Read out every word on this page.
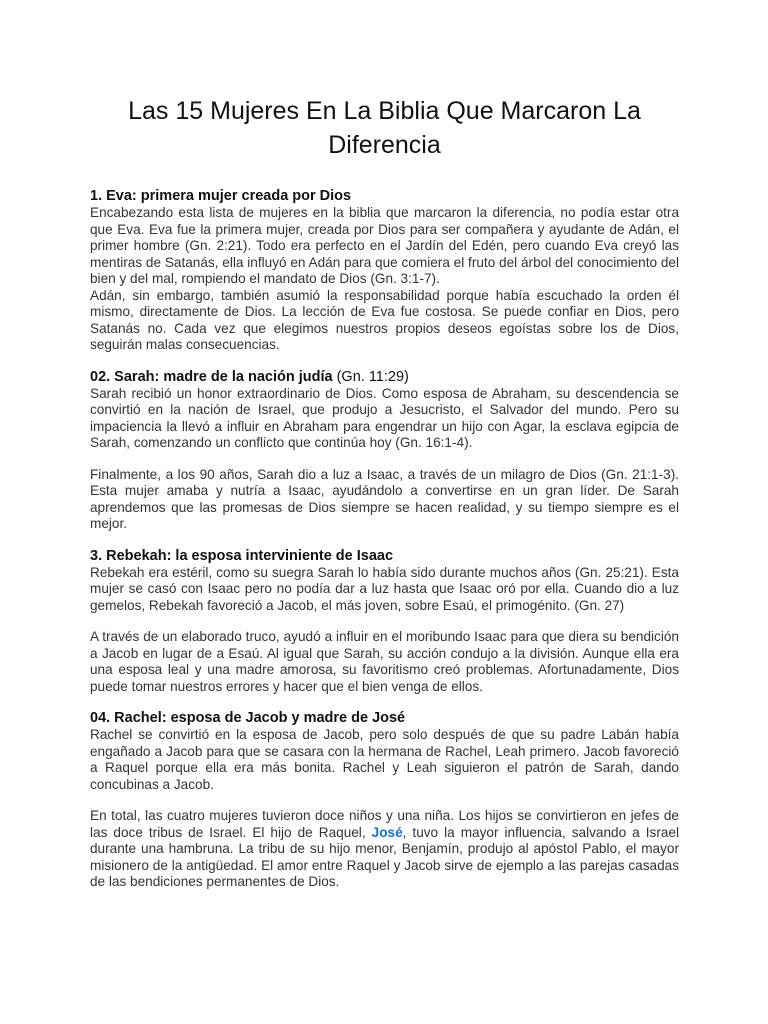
Las 15 Mujeres En La Biblia Que Marcaron La Diferencia
1. Eva: primera mujer creada por Dios

Encabezando esta lista de mujeres en la biblia que marcaron la diferencia, no podía estar otra que Eva. Eva fue la primera mujer, creada por Dios para ser compañera y ayudante de Adán, el primer hombre (Gn. 2:21). Todo era perfecto en el Jardín del Edén, pero cuando Eva creyó las mentiras de Satanás, ella influyó en Adán para que comiera el fruto del árbol del conocimiento del bien y del mal, rompiendo el mandato de Dios (Gn. 3:1-7).

Adán, sin embargo, también asumió la responsabilidad porque había escuchado la orden él mismo, directamente de Dios. La lección de Eva fue costosa. Se puede confiar en Dios, pero Satanás no. Cada vez que elegimos nuestros propios deseos egoístas sobre los de Dios, seguirán malas consecuencias.

02. Sarah: madre de la nación judía (Gn. 11:29)

Sarah recibió un honor extraordinario de Dios. Como esposa de Abraham, su descendencia se convirtió en la nación de Israel, que produjo a Jesucristo, el Salvador del mundo. Pero su impaciencia la llevó a influir en Abraham para engendrar un hijo con Agar, la esclava egipcia de Sarah, comenzando un conflicto que continúa hoy (Gn. 16:1-4).

Finalmente, a los 90 años, Sarah dio a luz a Isaac, a través de un milagro de Dios (Gn. 21:1-3). Esta mujer amaba y nutría a Isaac, ayudándolo a convertirse en un gran líder. De Sarah aprendemos que las promesas de Dios siempre se hacen realidad, y su tiempo siempre es el mejor.

3. Rebekah: la esposa interviniente de Isaac

Rebekah era estéril, como su suegra Sarah lo había sido durante muchos años (Gn. 25:21). Esta mujer se casó con Isaac pero no podía dar a luz hasta que Isaac oró por ella. Cuando dio a luz gemelos, Rebekah favoreció a Jacob, el más joven, sobre Esaú, el primogénito. (Gn. 27)

A través de un elaborado truco, ayudó a influir en el moribundo Isaac para que diera su bendición a Jacob en lugar de a Esaú. Al igual que Sarah, su acción condujo a la división. Aunque ella era una esposa leal y una madre amorosa, su favoritismo creó problemas. Afortunadamente, Dios puede tomar nuestros errores y hacer que el bien venga de ellos.

04. Rachel: esposa de Jacob y madre de José

Rachel se convirtió en la esposa de Jacob, pero solo después de que su padre Labán había engañado a Jacob para que se casara con la hermana de Rachel, Leah primero. Jacob favoreció a Raquel porque ella era más bonita. Rachel y Leah siguieron el patrón de Sarah, dando concubinas a Jacob.

En total, las cuatro mujeres tuvieron doce niños y una niña. Los hijos se convirtieron en jefes de las doce tribus de Israel. El hijo de Raquel, José, tuvo la mayor influencia, salvando a Israel durante una hambruna. La tribu de su hijo menor, Benjamín, produjo al apóstol Pablo, el mayor misionero de la antigüedad. El amor entre Raquel y Jacob sirve de ejemplo a las parejas casadas de las bendiciones permanentes de Dios.
